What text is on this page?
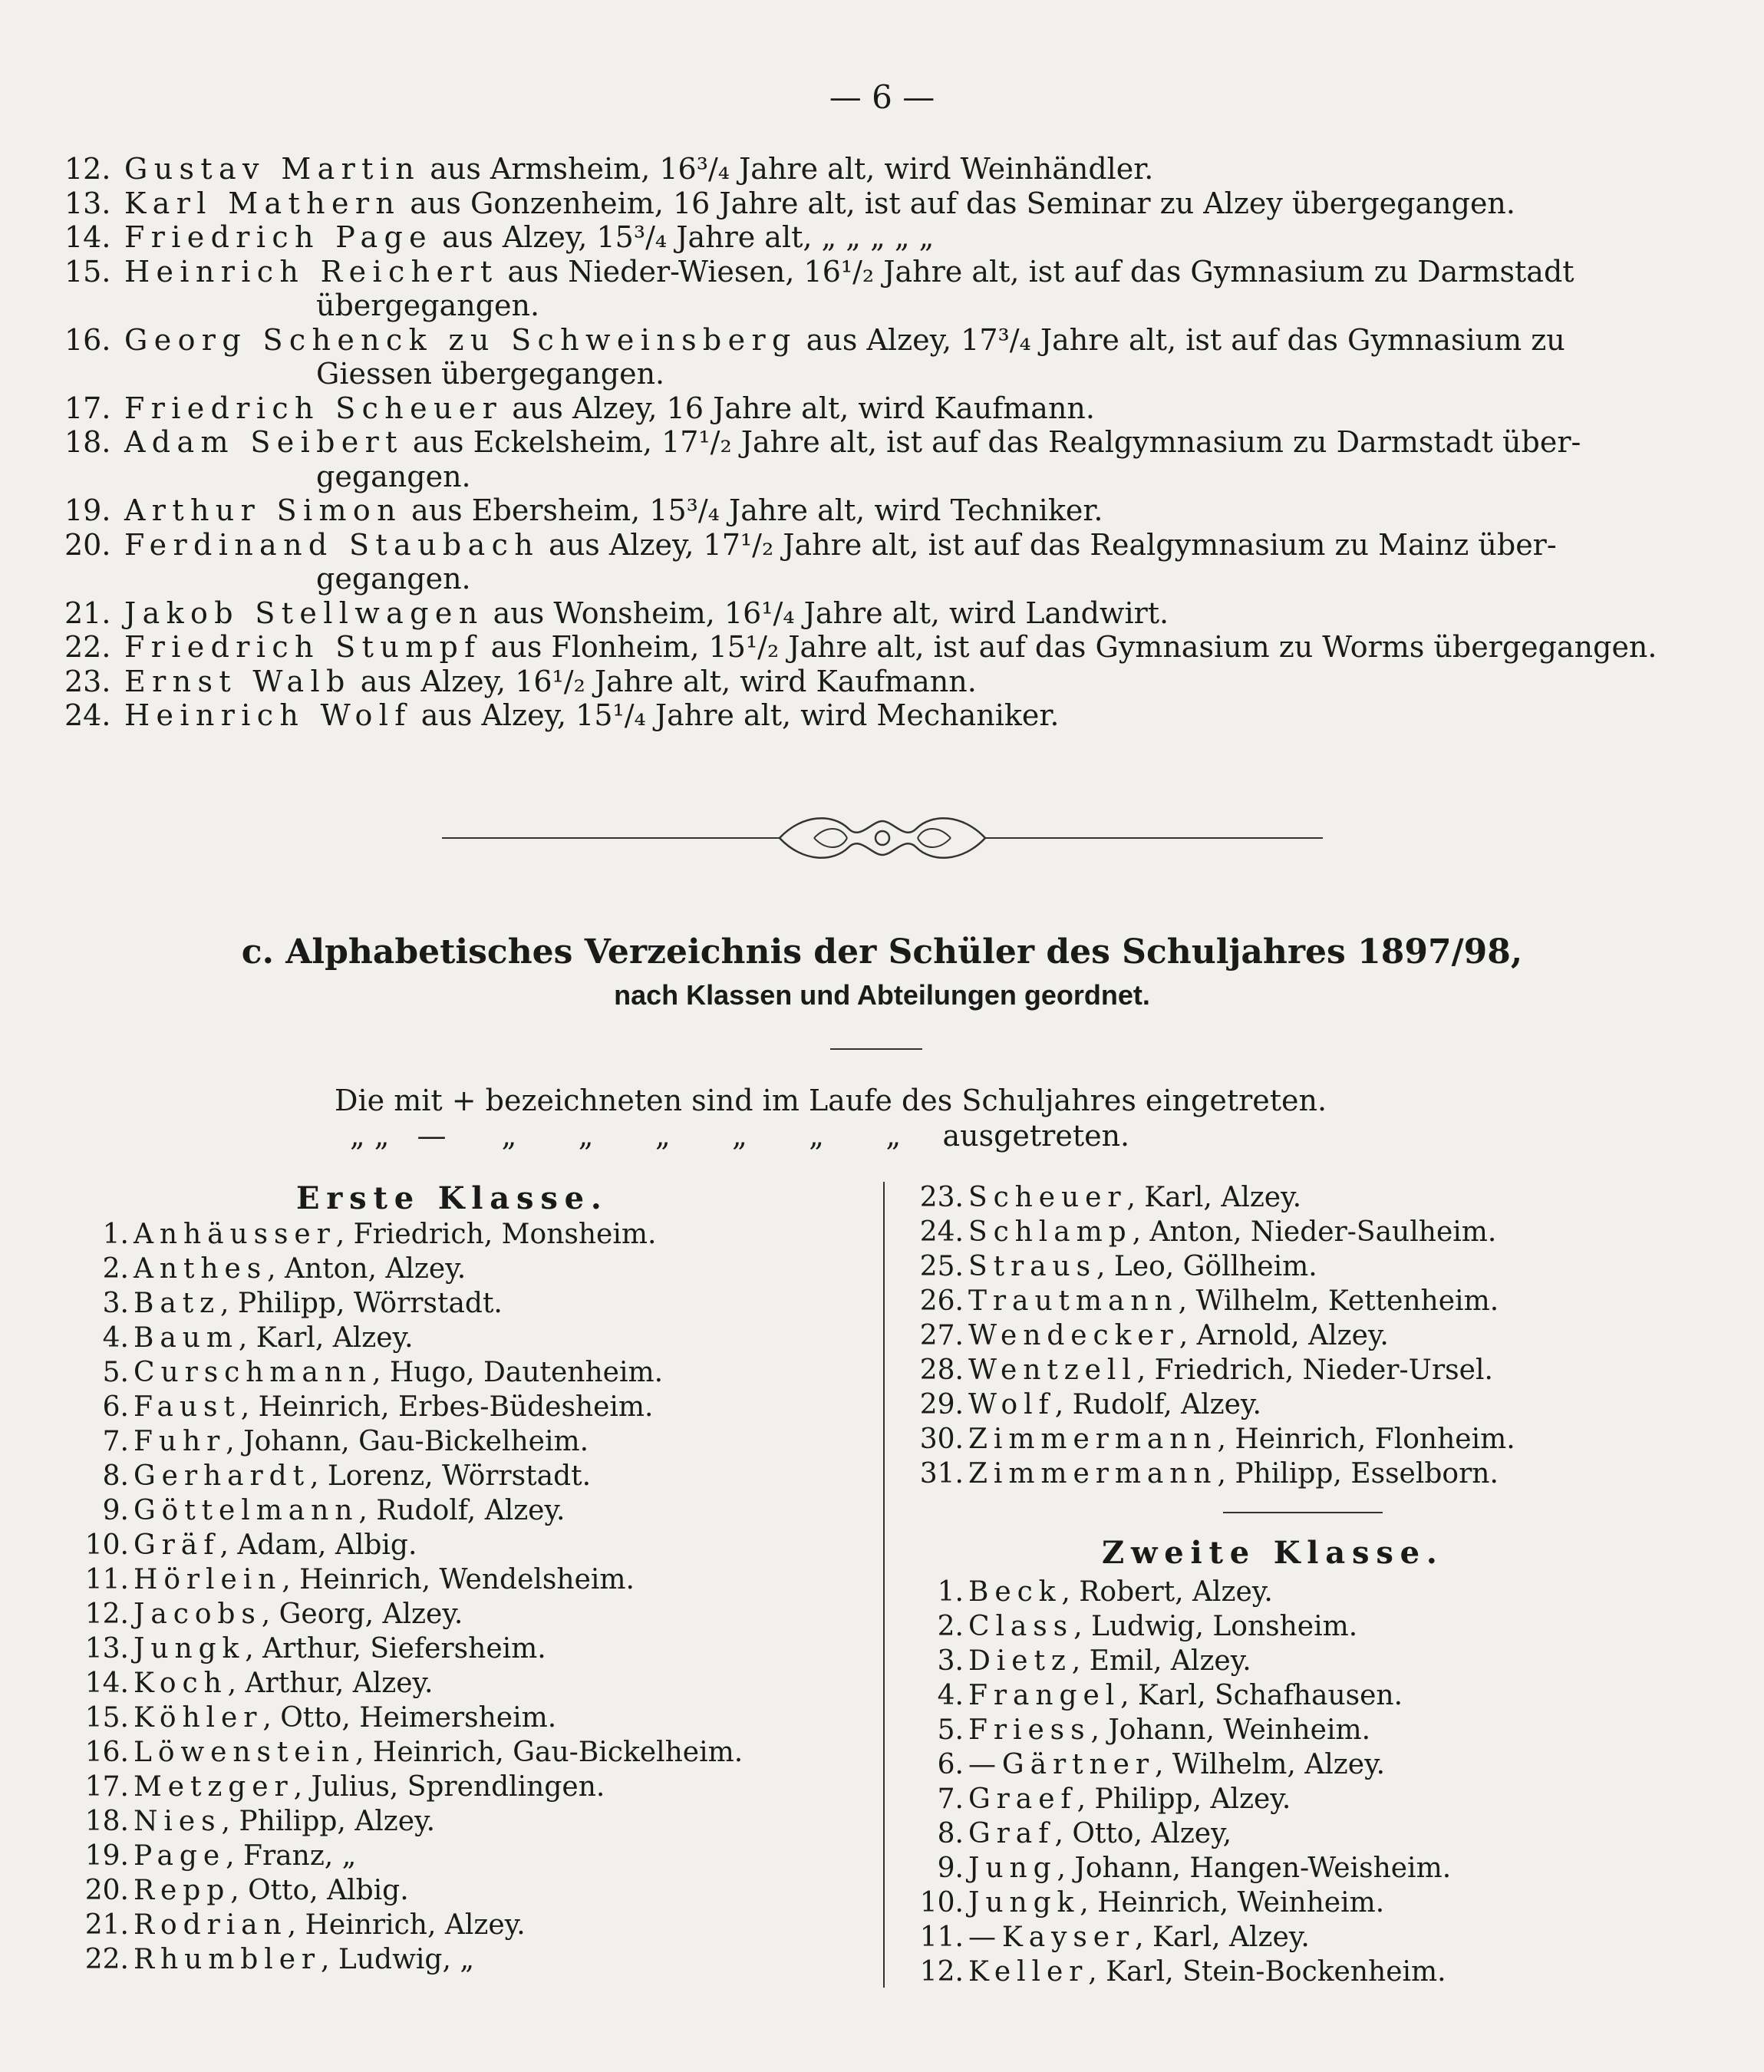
— 6 —
12. Gustav Martin aus Armsheim, 16³/₄ Jahre alt, wird Weinhändler.
13. Karl Mathern aus Gonzenheim, 16 Jahre alt, ist auf das Seminar zu Alzey übergegangen.
14. Friedrich Page aus Alzey, 15³/₄ Jahre alt, „ „ „ „ „
15. Heinrich Reichert aus Nieder-Wiesen, 16¹/₂ Jahre alt, ist auf das Gymnasium zu Darmstadt
übergegangen.
16. Georg Schenck zu Schweinsberg aus Alzey, 17³/₄ Jahre alt, ist auf das Gymnasium zu
Giessen übergegangen.
17. Friedrich Scheuer aus Alzey, 16 Jahre alt, wird Kaufmann.
18. Adam Seibert aus Eckelsheim, 17¹/₂ Jahre alt, ist auf das Realgymnasium zu Darmstadt über-
gegangen.
19. Arthur Simon aus Ebersheim, 15³/₄ Jahre alt, wird Techniker.
20. Ferdinand Staubach aus Alzey, 17¹/₂ Jahre alt, ist auf das Realgymnasium zu Mainz über-
gegangen.
21. Jakob Stellwagen aus Wonsheim, 16¹/₄ Jahre alt, wird Landwirt.
22. Friedrich Stumpf aus Flonheim, 15¹/₂ Jahre alt, ist auf das Gymnasium zu Worms übergegangen.
23. Ernst Walb aus Alzey, 16¹/₂ Jahre alt, wird Kaufmann.
24. Heinrich Wolf aus Alzey, 15¹/₄ Jahre alt, wird Mechaniker.
c. Alphabetisches Verzeichnis der Schüler des Schuljahres 1897/98,
nach Klassen und Abteilungen geordnet.
Die mit + bezeichneten sind im Laufe des Schuljahres eingetreten.
„ „ — „ „ „ „ „ „ ausgetreten.
Erste Klasse.
1. Anhäusser, Friedrich, Monsheim.
2. Anthes, Anton, Alzey.
3. Batz, Philipp, Wörrstadt.
4. Baum, Karl, Alzey.
5. Curschmann, Hugo, Dautenheim.
6. Faust, Heinrich, Erbes-Büdesheim.
7. Fuhr, Johann, Gau-Bickelheim.
8. Gerhardt, Lorenz, Wörrstadt.
9. Göttelmann, Rudolf, Alzey.
10. Gräf, Adam, Albig.
11. Hörlein, Heinrich, Wendelsheim.
12. Jacobs, Georg, Alzey.
13. Jungk, Arthur, Siefersheim.
14. Koch, Arthur, Alzey.
15. Köhler, Otto, Heimersheim.
16. Löwenstein, Heinrich, Gau-Bickelheim.
17. Metzger, Julius, Sprendlingen.
18. Nies, Philipp, Alzey.
19. Page, Franz, „
20. Repp, Otto, Albig.
21. Rodrian, Heinrich, Alzey.
22. Rhumbler, Ludwig, „
23. Scheuer, Karl, Alzey.
24. Schlamp, Anton, Nieder-Saulheim.
25. Straus, Leo, Göllheim.
26. Trautmann, Wilhelm, Kettenheim.
27. Wendecker, Arnold, Alzey.
28. Wentzell, Friedrich, Nieder-Ursel.
29. Wolf, Rudolf, Alzey.
30. Zimmermann, Heinrich, Flonheim.
31. Zimmermann, Philipp, Esselborn.
Zweite Klasse.
1. Beck, Robert, Alzey.
2. Class, Ludwig, Lonsheim.
3. Dietz, Emil, Alzey.
4. Frangel, Karl, Schafhausen.
5. Friess, Johann, Weinheim.
6. —Gärtner, Wilhelm, Alzey.
7. Graef, Philipp, Alzey.
8. Graf, Otto, Alzey,
9. Jung, Johann, Hangen-Weisheim.
10. Jungk, Heinrich, Weinheim.
11. —Kayser, Karl, Alzey.
12. Keller, Karl, Stein-Bockenheim.
